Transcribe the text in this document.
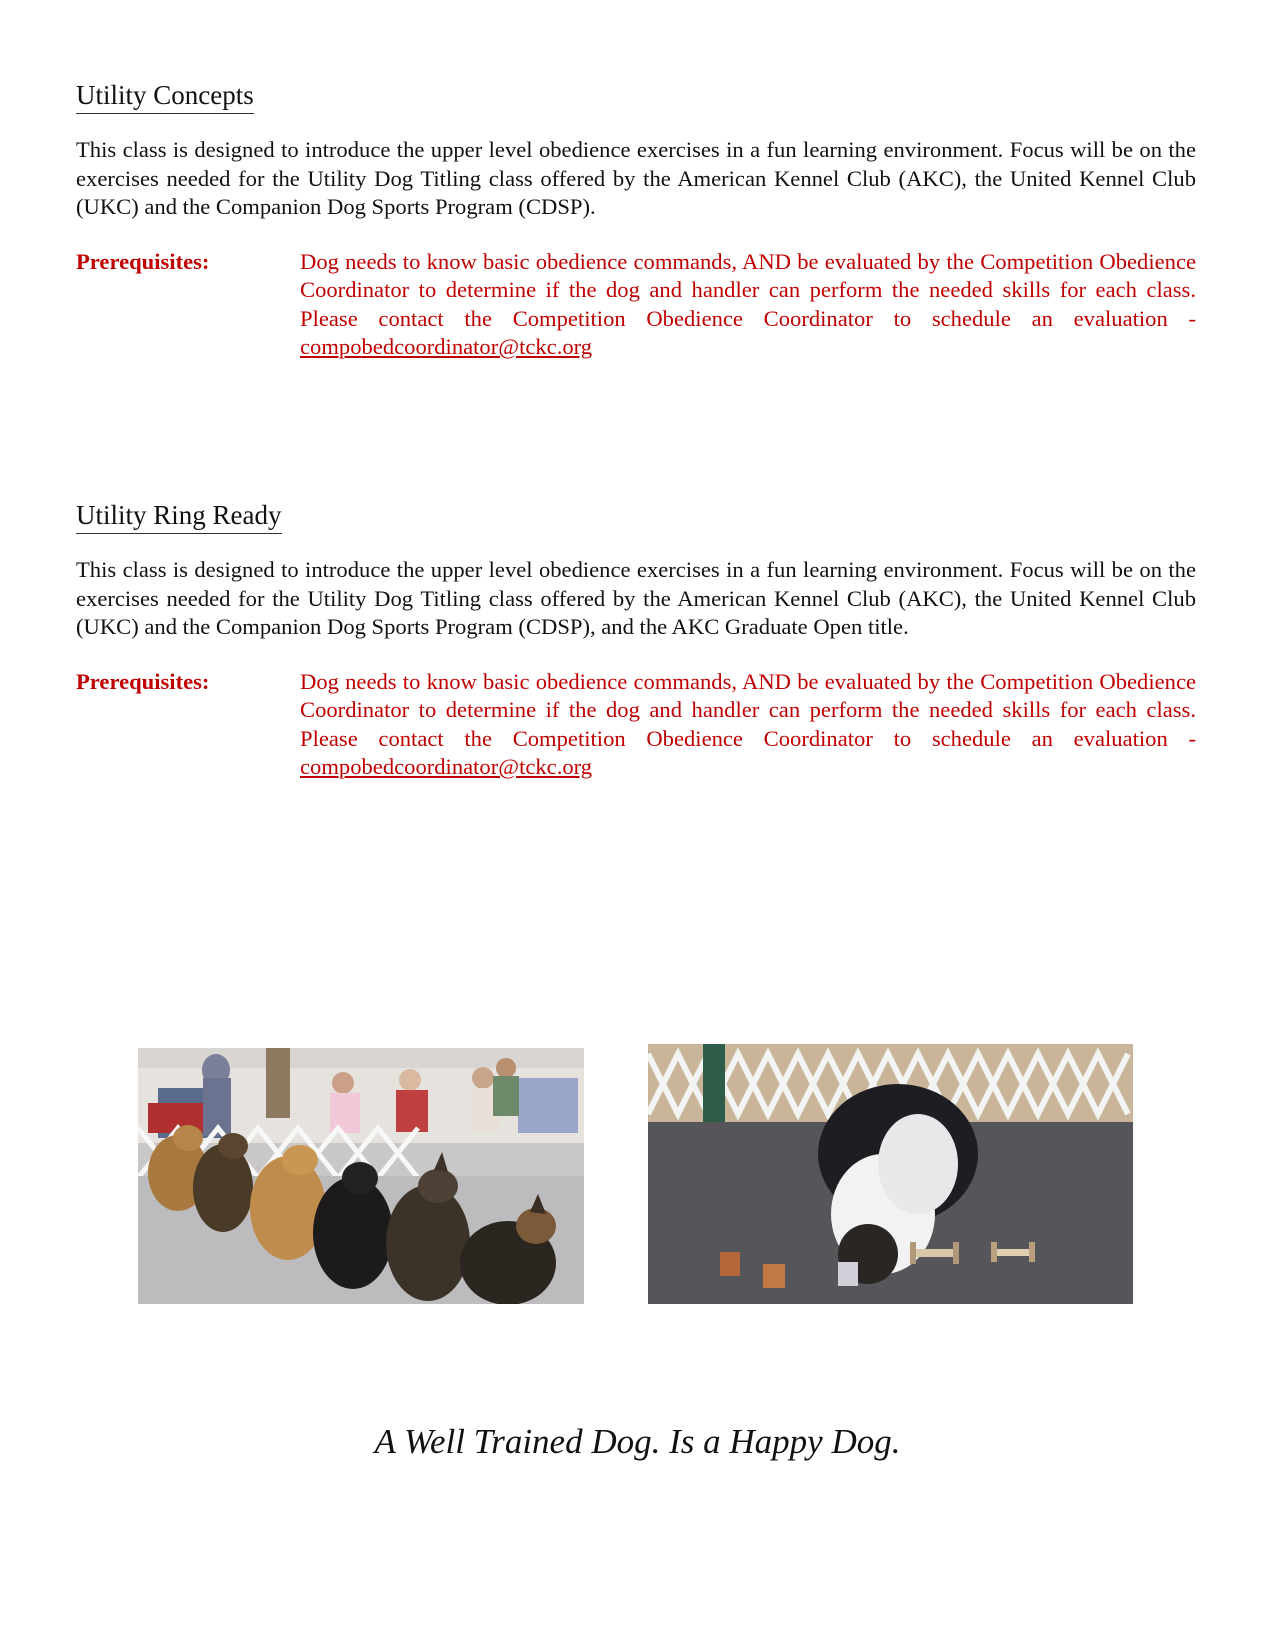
Utility Concepts
This class is designed to introduce the upper level obedience exercises in a fun learning environment. Focus will be on the exercises needed for the Utility Dog Titling class offered by the American Kennel Club (AKC), the United Kennel Club (UKC) and the Companion Dog Sports Program (CDSP).
Prerequisites:	Dog needs to know basic obedience commands, AND be evaluated by the Competition Obedience Coordinator to determine if the dog and handler can perform the needed skills for each class. Please contact the Competition Obedience Coordinator to schedule an evaluation - compobedcoordinator@tckc.org
Utility Ring Ready
This class is designed to introduce the upper level obedience exercises in a fun learning environment. Focus will be on the exercises needed for the Utility Dog Titling class offered by the American Kennel Club (AKC), the United Kennel Club (UKC) and the Companion Dog Sports Program (CDSP), and the AKC Graduate Open title.
Prerequisites:	Dog needs to know basic obedience commands, AND be evaluated by the Competition Obedience Coordinator to determine if the dog and handler can perform the needed skills for each class. Please contact the Competition Obedience Coordinator to schedule an evaluation - compobedcoordinator@tckc.org
A Well Trained Dog. Is a Happy Dog.
